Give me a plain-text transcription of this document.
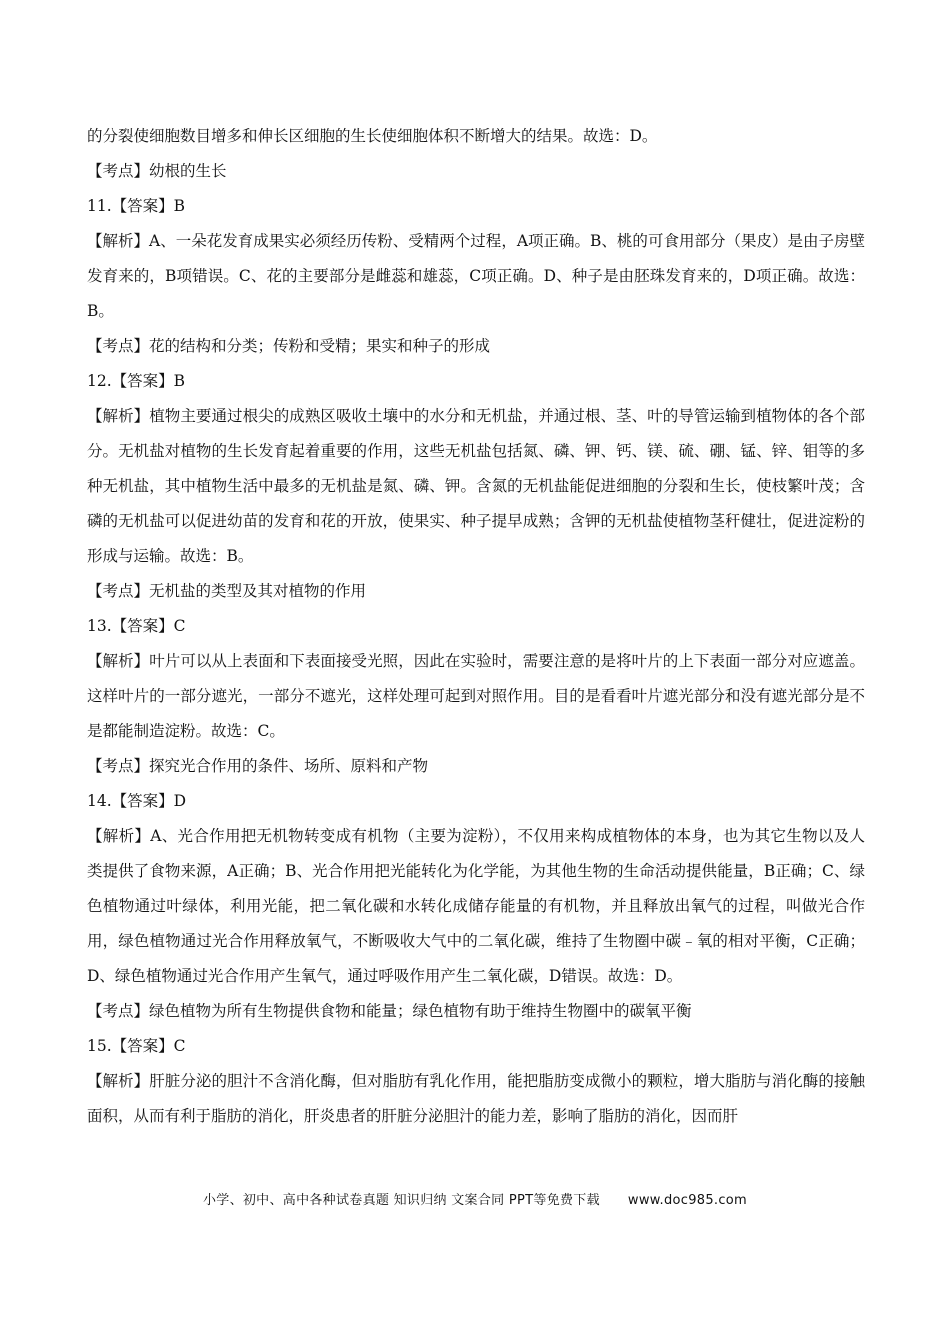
的分裂使细胞数目增多和伸长区细胞的生长使细胞体积不断增大的结果。故选：D。
【考点】幼根的生长
11.【答案】B
【解析】A、一朵花发育成果实必须经历传粉、受精两个过程，A项正确。B、桃的可食用部分（果皮）是由子房壁发育来的，B项错误。C、花的主要部分是雌蕊和雄蕊，C项正确。D、种子是由胚珠发育来的，D项正确。故选：B。
【考点】花的结构和分类；传粉和受精；果实和种子的形成
12.【答案】B
【解析】植物主要通过根尖的成熟区吸收土壤中的水分和无机盐，并通过根、茎、叶的导管运输到植物体的各个部分。无机盐对植物的生长发育起着重要的作用，这些无机盐包括氮、磷、钾、钙、镁、硫、硼、锰、锌、钼等的多种无机盐，其中植物生活中最多的无机盐是氮、磷、钾。含氮的无机盐能促进细胞的分裂和生长，使枝繁叶茂；含磷的无机盐可以促进幼苗的发育和花的开放，使果实、种子提早成熟；含钾的无机盐使植物茎秆健壮，促进淀粉的形成与运输。故选：B。
【考点】无机盐的类型及其对植物的作用
13.【答案】C
【解析】叶片可以从上表面和下表面接受光照，因此在实验时，需要注意的是将叶片的上下表面一部分对应遮盖。这样叶片的一部分遮光，一部分不遮光，这样处理可起到对照作用。目的是看看叶片遮光部分和没有遮光部分是不是都能制造淀粉。故选：C。
【考点】探究光合作用的条件、场所、原料和产物
14.【答案】D
【解析】A、光合作用把无机物转变成有机物（主要为淀粉），不仅用来构成植物体的本身，也为其它生物以及人类提供了食物来源，A正确；B、光合作用把光能转化为化学能，为其他生物的生命活动提供能量，B正确；C、绿色植物通过叶绿体，利用光能，把二氧化碳和水转化成储存能量的有机物，并且释放出氧气的过程，叫做光合作用，绿色植物通过光合作用释放氧气，不断吸收大气中的二氧化碳，维持了生物圈中碳﹣氧的相对平衡，C正确；D、绿色植物通过光合作用产生氧气，通过呼吸作用产生二氧化碳，D错误。故选：D。
【考点】绿色植物为所有生物提供食物和能量；绿色植物有助于维持生物圈中的碳氧平衡
15.【答案】C
【解析】肝脏分泌的胆汁不含消化酶，但对脂肪有乳化作用，能把脂肪变成微小的颗粒，增大脂肪与消化酶的接触面积，从而有利于脂肪的消化，肝炎患者的肝脏分泌胆汁的能力差，影响了脂肪的消化，因而肝
小学、初中、高中各种试卷真题 知识归纳 文案合同 PPT等免费下载 www.doc985.com
